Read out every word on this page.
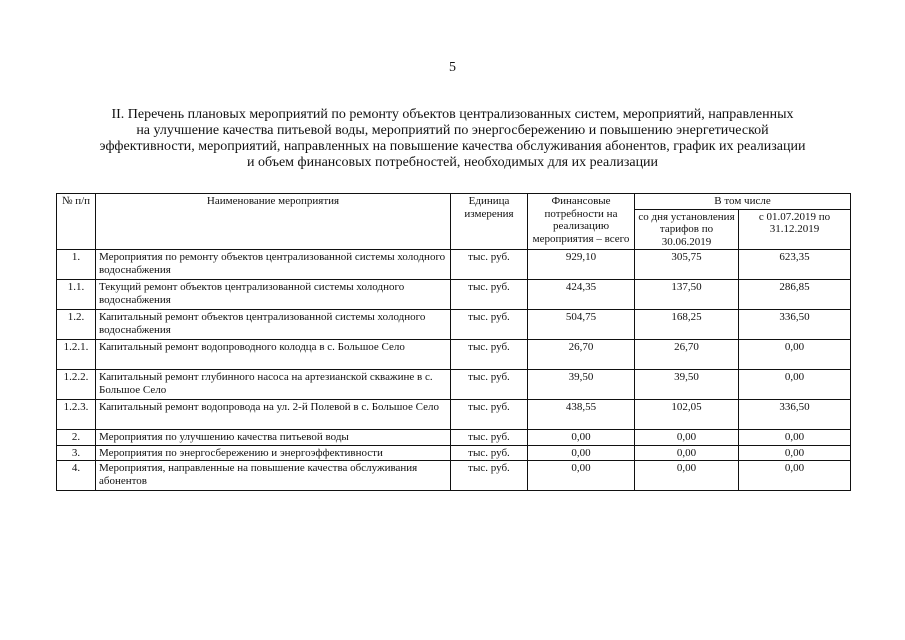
5
II. Перечень плановых мероприятий по ремонту объектов централизованных систем, мероприятий, направленных
на улучшение качества питьевой воды, мероприятий по энергосбережению и повышению энергетической
эффективности, мероприятий, направленных на повышение качества обслуживания абонентов, график их реализации
и объем финансовых потребностей, необходимых для их реализации
№ п/п	Наименование мероприятия	Единица измерения	Финансовые потребности на реализацию мероприятия – всего	В том числе	
				со дня установления тарифов по 30.06.2019	с 01.07.2019 по 31.12.2019
1.	Мероприятия по ремонту объектов централизованной системы холодного водоснабжения	тыс. руб.	929,10	305,75	623,35
1.1.	Текущий ремонт объектов централизованной системы холодного водоснабжения	тыс. руб.	424,35	137,50	286,85
1.2.	Капитальный ремонт объектов централизованной системы холодного водоснабжения	тыс. руб.	504,75	168,25	336,50
1.2.1.	Капитальный ремонт водопроводного колодца в с. Большое Село	тыс. руб.	26,70	26,70	0,00
1.2.2.	Капитальный ремонт глубинного насоса на артезианской скважине в с. Большое Село	тыс. руб.	39,50	39,50	0,00
1.2.3.	Капитальный ремонт водопровода на ул. 2-й Полевой в с. Большое Село	тыс. руб.	438,55	102,05	336,50
2.	Мероприятия по улучшению качества питьевой воды	тыс. руб.	0,00	0,00	0,00
3.	Мероприятия по энергосбережению и энергоэффективности	тыс. руб.	0,00	0,00	0,00
4.	Мероприятия, направленные на повышение качества обслуживания абонентов	тыс. руб.	0,00	0,00	0,00
